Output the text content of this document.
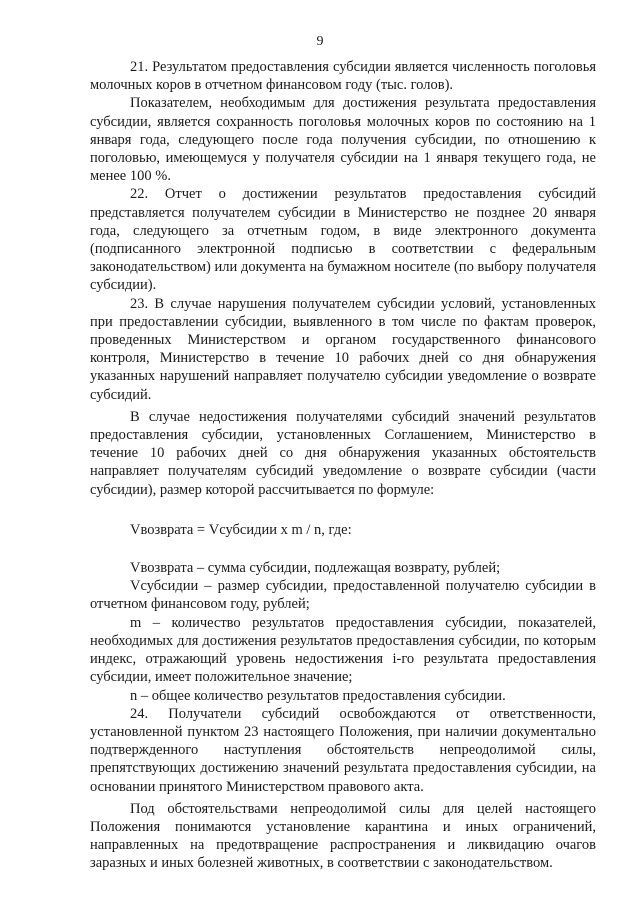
9

21. Результатом предоставления субсидии является численность поголовья молочных коров в отчетном финансовом году (тыс. голов).

Показателем, необходимым для достижения результата предоставления субсидии, является сохранность поголовья молочных коров по состоянию на 1 января года, следующего после года получения субсидии, по отношению к поголовью, имеющемуся у получателя субсидии на 1 января текущего года, не менее 100 %.

22. Отчет о достижении результатов предоставления субсидий представляется получателем субсидии в Министерство не позднее 20 января года, следующего за отчетным годом, в виде электронного документа (подписанного электронной подписью в соответствии с федеральным законодательством) или документа на бумажном носителе (по выбору получателя субсидии).

23. В случае нарушения получателем субсидии условий, установленных при предоставлении субсидии, выявленного в том числе по фактам проверок, проведенных Министерством и органом государственного финансового контроля, Министерство в течение 10 рабочих дней со дня обнаружения указанных нарушений направляет получателю субсидии уведомление о возврате субсидий.

В случае недостижения получателями субсидий значений результатов предоставления субсидии, установленных Соглашением, Министерство в течение 10 рабочих дней со дня обнаружения указанных обстоятельств направляет получателям субсидий уведомление о возврате субсидии (части субсидии), размер которой рассчитывается по формуле:

Vвозврата = Vсубсидии x m / n, где:

Vвозврата – сумма субсидии, подлежащая возврату, рублей;

Vсубсидии – размер субсидии, предоставленной получателю субсидии в отчетном финансовом году, рублей;

m – количество результатов предоставления субсидии, показателей, необходимых для достижения результатов предоставления субсидии, по которым индекс, отражающий уровень недостижения i-го результата предоставления субсидии, имеет положительное значение;

n – общее количество результатов предоставления субсидии.

24. Получатели субсидий освобождаются от ответственности, установленной пунктом 23 настоящего Положения, при наличии документально подтвержденного наступления обстоятельств непреодолимой силы, препятствующих достижению значений результата предоставления субсидии, на основании принятого Министерством правового акта.

Под обстоятельствами непреодолимой силы для целей настоящего Положения понимаются установление карантина и иных ограничений, направленных на предотвращение распространения и ликвидацию очагов заразных и иных болезней животных, в соответствии с законодательством.
